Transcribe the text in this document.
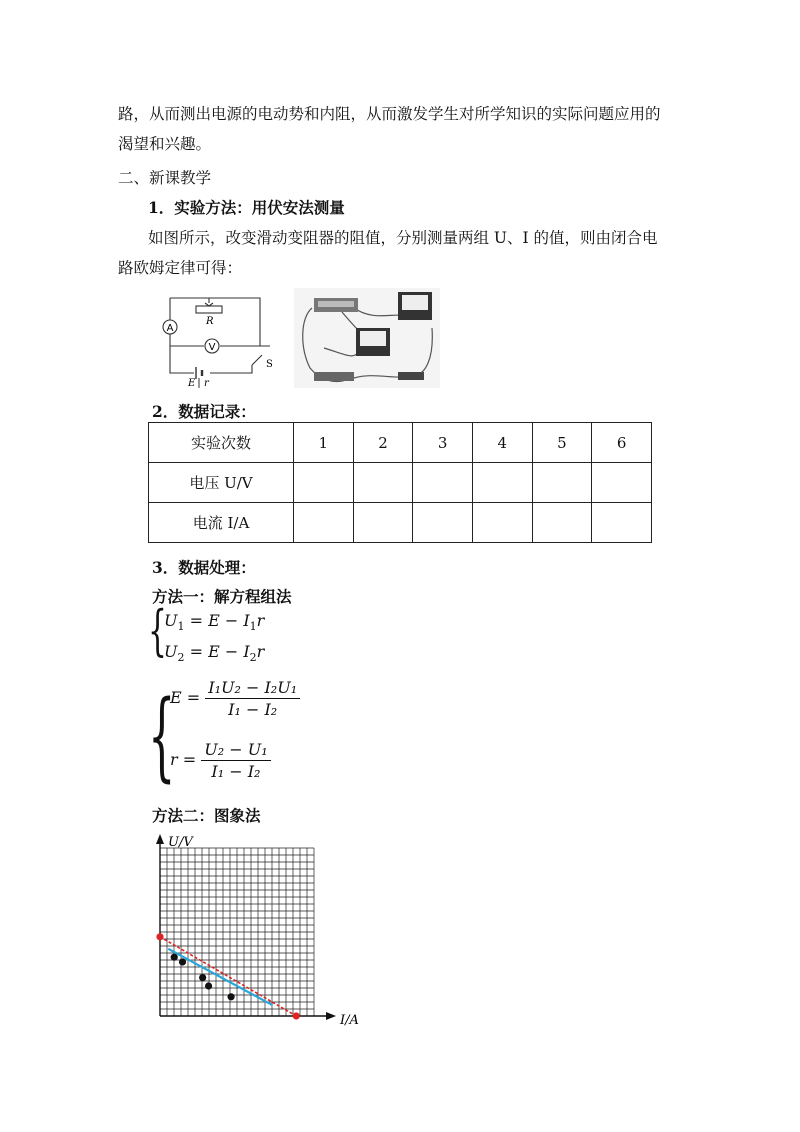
路，从而测出电源的电动势和内阻，从而激发学生对所学知识的实际问题应用的
渴望和兴趣。
二、新课教学
1．实验方法：用伏安法测量
如图所示，改变滑动变阻器的阻值，分别测量两组 U、I 的值，则由闭合电
路欧姆定律可得：
A
V
R
S
E r
2．数据记录：
实验次数	1	2	3	4	5	6
电压 U/V						
电流 I/A						
3．数据处理：
方法一：解方程组法
{
$U_1 = E - I_1r$
$U_2 = E - I_2r$
{
$E = \frac{\text{I₁U₂ − I₂U₁}}{\text{I₁ − I₂}}$
$r = \frac{\text{U₂ − U₁}}{\text{I₁ − I₂}}$
方法二：图象法
I/A
U/V
